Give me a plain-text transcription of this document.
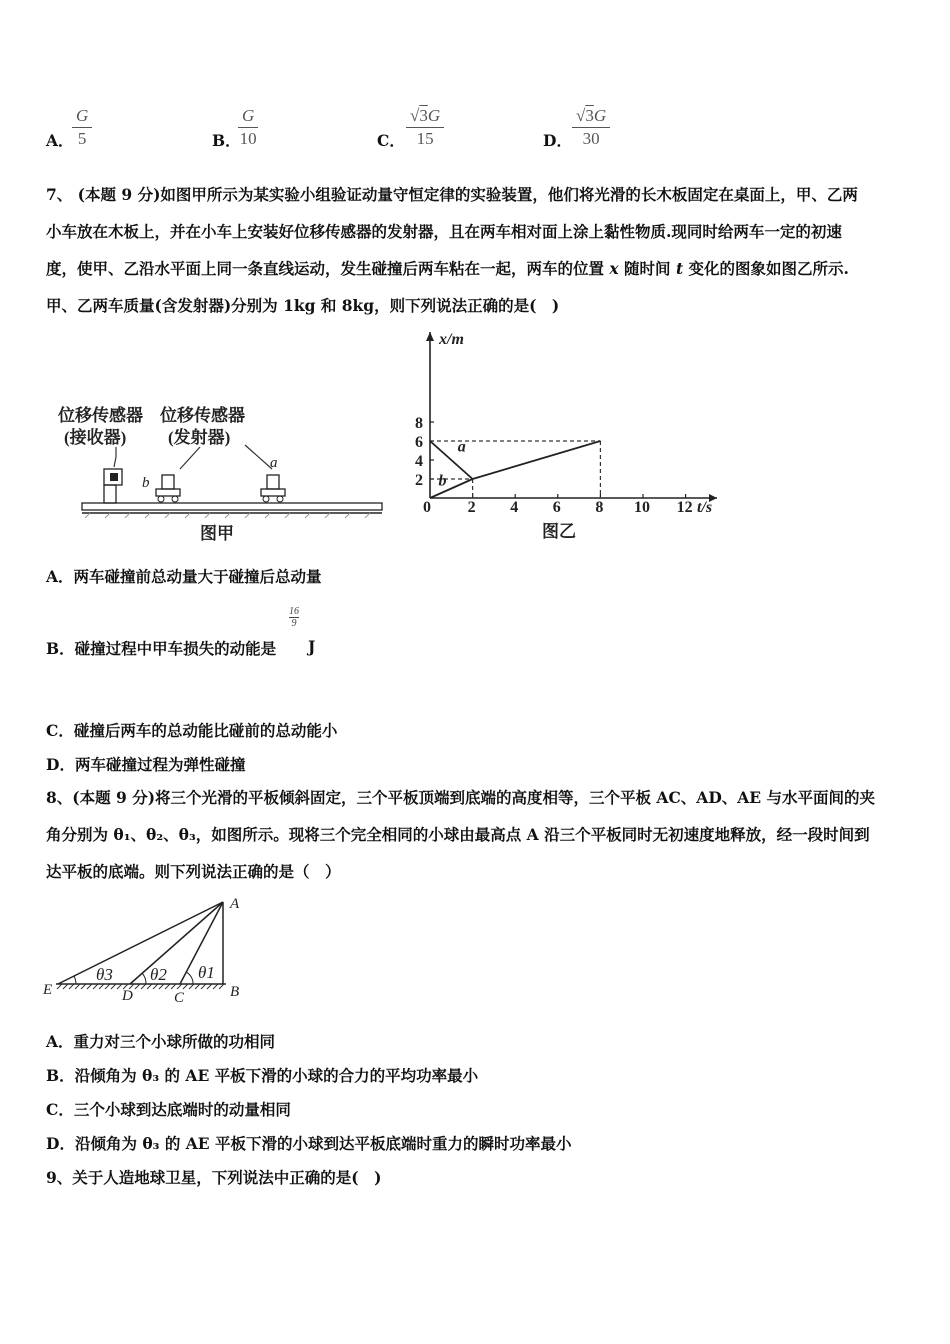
A．
G
5	B．
G
10	C．
√3G
15	D．
√3G
30
7、 (本题 9 分)如图甲所示为某实验小组验证动量守恒定律的实验装置，他们将光滑的长木板固定在桌面上，甲、乙两
小车放在木板上，并在小车上安装好位移传感器的发射器，且在两车相对面上涂上黏性物质.现同时给两车一定的初速
度，使甲、乙沿水平面上同一条直线运动，发生碰撞后两车粘在一起，两车的位置 x 随时间 t 变化的图象如图乙所示.
甲、乙两车质量(含发射器)分别为 1kg 和 8kg，则下列说法正确的是(　)
位移传感器
(接收器)
位移传感器
(发射器)
b
a
图甲
x/m
t/s
0
图乙
2 4 6 8 10 12
2
4
6
8
a
b
A．两车碰撞前总动量大于碰撞后总动量
B．碰撞过程中甲车损失的动能是
$\frac{16}{9}$
J
C．碰撞后两车的总动能比碰前的总动能小
D．两车碰撞过程为弹性碰撞
8、(本题 9 分)将三个光滑的平板倾斜固定，三个平板顶端到底端的高度相等，三个平板 AC、AD、AE 与水平面间的夹
角分别为 θ₁、θ₂、θ₃，如图所示。现将三个完全相同的小球由最高点 A 沿三个平板同时无初速度地释放，经一段时间到
达平板的底端。则下列说法正确的是（　）
A
B
C
D
E
θ3 θ2 θ1
A．重力对三个小球所做的功相同
B．沿倾角为 θ₃ 的 AE 平板下滑的小球的合力的平均功率最小
C．三个小球到达底端时的动量相同
D．沿倾角为 θ₃ 的 AE 平板下滑的小球到达平板底端时重力的瞬时功率最小
9、关于人造地球卫星，下列说法中正确的是(　)
